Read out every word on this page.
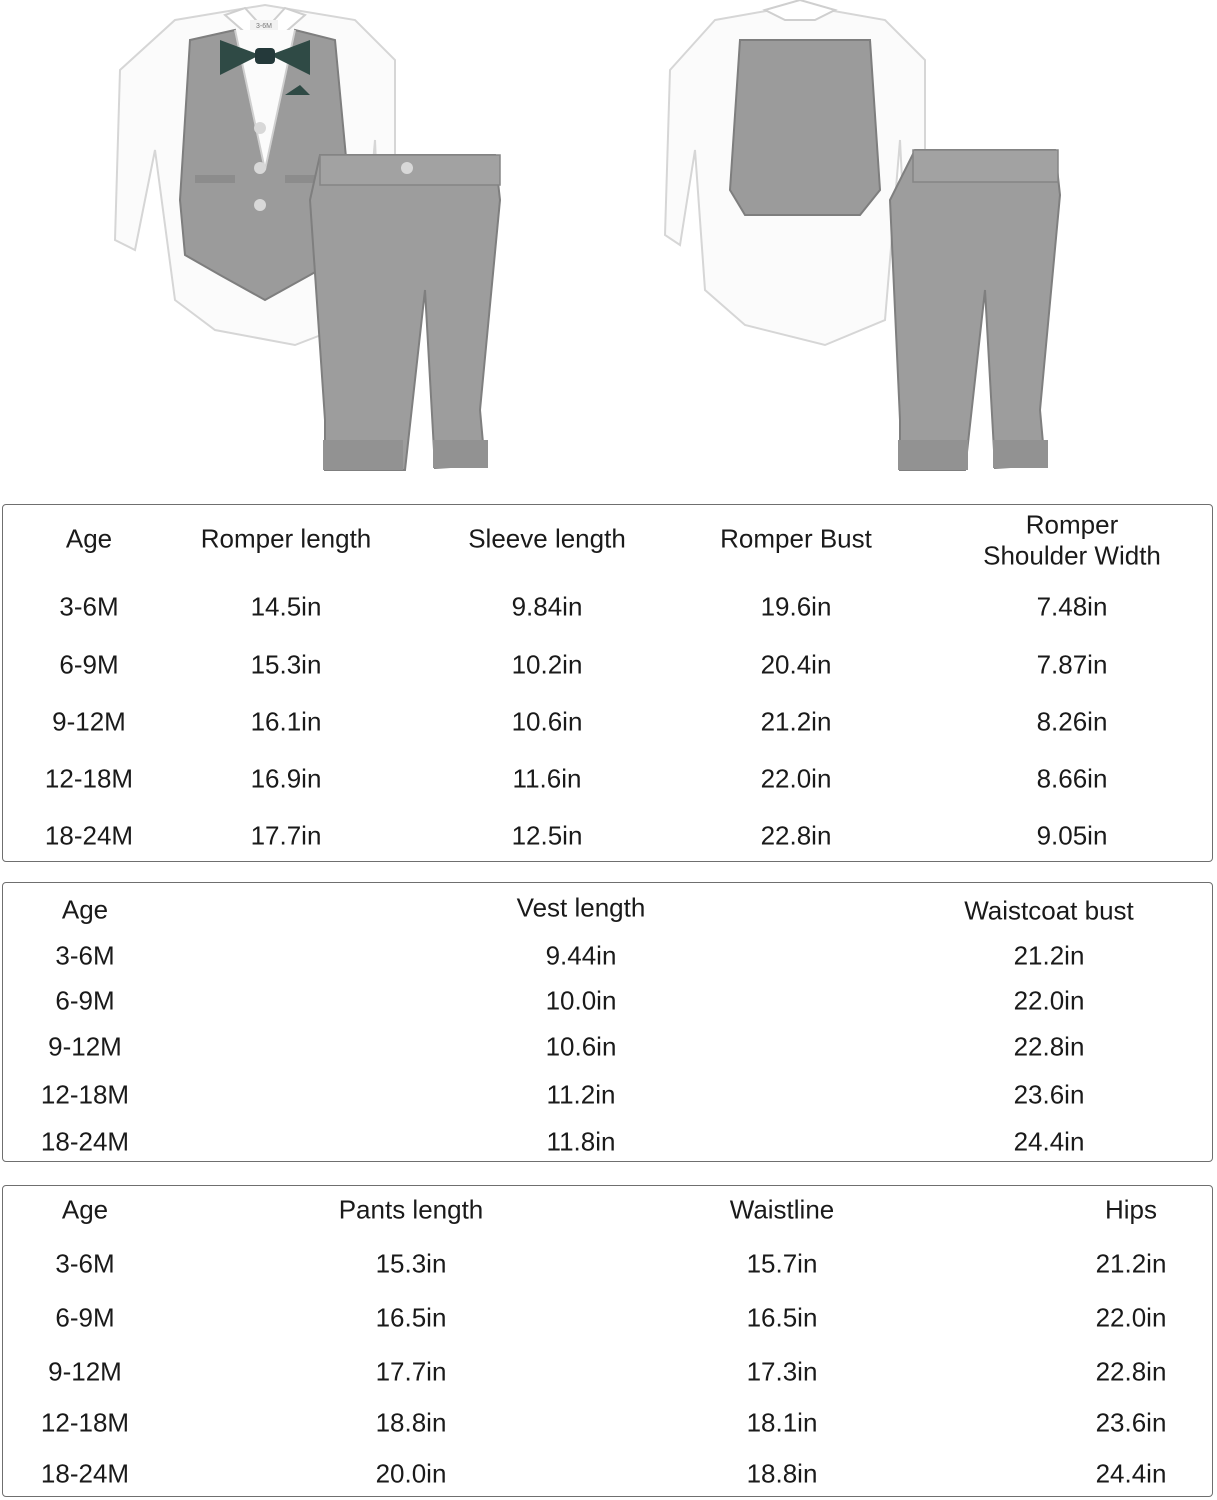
3-6M
Age	Romper length	Sleeve length	Romper Bust	Romper
Shoulder Width
3-6M	14.5in	9.84in	19.6in	7.48in
6-9M	15.3in	10.2in	20.4in	7.87in
9-12M	16.1in	10.6in	21.2in	8.26in
12-18M	16.9in	11.6in	22.0in	8.66in
18-24M	17.7in	12.5in	22.8in	9.05in
Age	Vest length	Waistcoat bust
3-6M	9.44in	21.2in
6-9M	10.0in	22.0in
9-12M	10.6in	22.8in
12-18M	11.2in	23.6in
18-24M	11.8in	24.4in
Age	Pants length	Waistline	Hips
3-6M	15.3in	15.7in	21.2in
6-9M	16.5in	16.5in	22.0in
9-12M	17.7in	17.3in	22.8in
12-18M	18.8in	18.1in	23.6in
18-24M	20.0in	18.8in	24.4in
